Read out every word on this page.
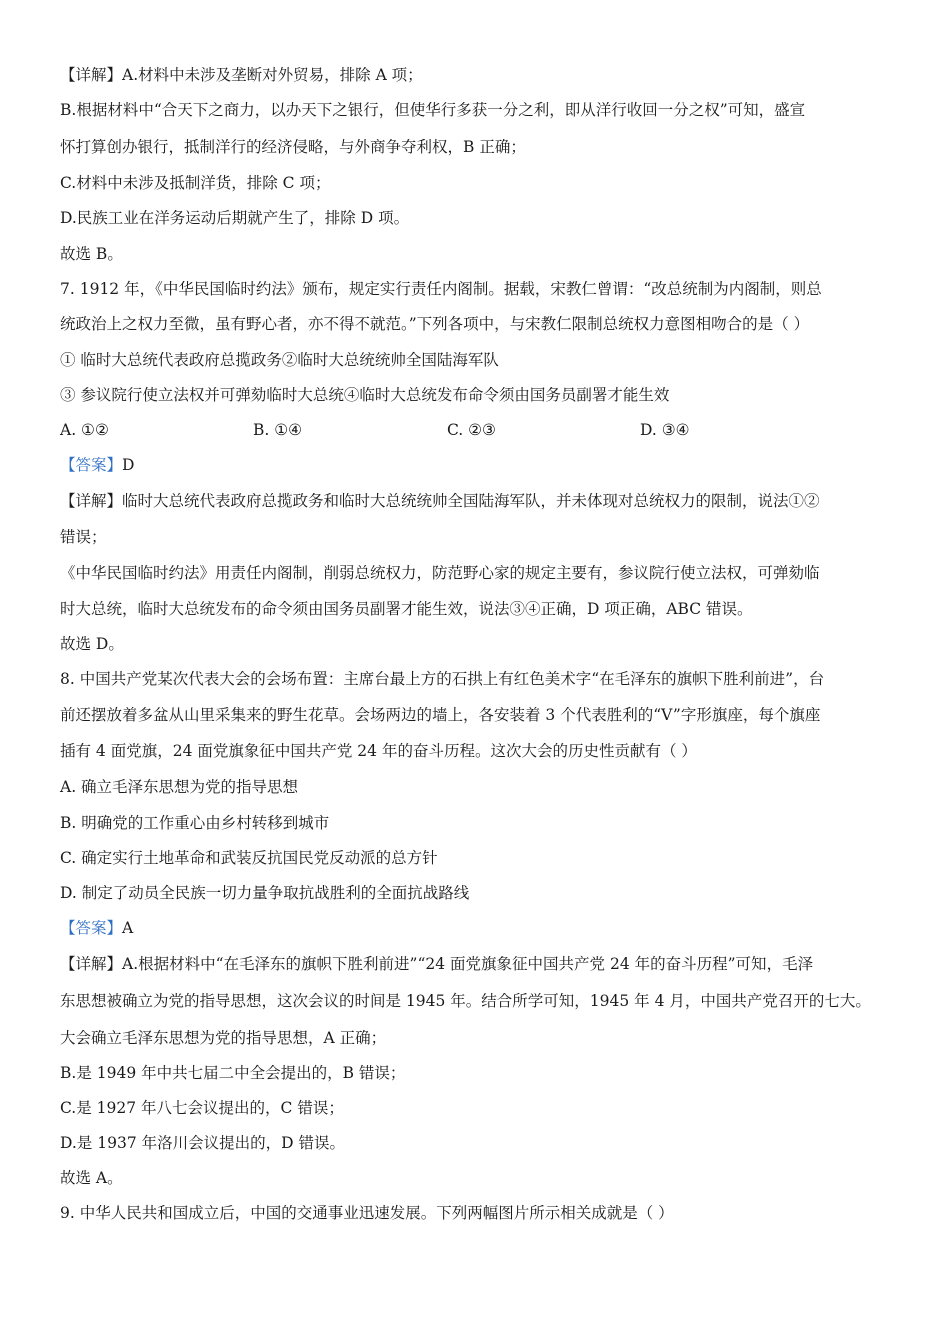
【详解】A.材料中未涉及垄断对外贸易，排除 A 项；
B.根据材料中“合天下之商力，以办天下之银行，但使华行多获一分之利，即从洋行收回一分之权”可知，盛宣
怀打算创办银行，抵制洋行的经济侵略，与外商争夺利权，B 正确；
C.材料中未涉及抵制洋货，排除 C 项；
D.民族工业在洋务运动后期就产生了，排除 D 项。
故选 B。
7. 1912 年，《中华民国临时约法》颁布，规定实行责任内阁制。据载，宋教仁曾谓：“改总统制为内阁制，则总
统政治上之权力至微，虽有野心者，亦不得不就范。”下列各项中，与宋教仁限制总统权力意图相吻合的是（ ）
① 临时大总统代表政府总揽政务②临时大总统统帅全国陆海军队
③ 参议院行使立法权并可弹劾临时大总统④临时大总统发布命令须由国务员副署才能生效
A. ①②	B. ①④	C. ②③	D. ③④
【答案】D
【详解】临时大总统代表政府总揽政务和临时大总统统帅全国陆海军队，并未体现对总统权力的限制，说法①②
错误；
《中华民国临时约法》用责任内阁制，削弱总统权力，防范野心家的规定主要有，参议院行使立法权，可弹劾临
时大总统，临时大总统发布的命令须由国务员副署才能生效，说法③④正确，D 项正确，ABC 错误。
故选 D。
8. 中国共产党某次代表大会的会场布置：主席台最上方的石拱上有红色美术字“在毛泽东的旗帜下胜利前进”，台
前还摆放着多盆从山里采集来的野生花草。会场两边的墙上，各安装着 3 个代表胜利的“V”字形旗座，每个旗座
插有 4 面党旗，24 面党旗象征中国共产党 24 年的奋斗历程。这次大会的历史性贡献有（ ）
A. 确立毛泽东思想为党的指导思想
B. 明确党的工作重心由乡村转移到城市
C. 确定实行土地革命和武装反抗国民党反动派的总方针
D. 制定了动员全民族一切力量争取抗战胜利的全面抗战路线
【答案】A
【详解】A.根据材料中“在毛泽东的旗帜下胜利前进”“24 面党旗象征中国共产党 24 年的奋斗历程”可知，毛泽
东思想被确立为党的指导思想，这次会议的时间是 1945 年。结合所学可知，1945 年 4 月，中国共产党召开的七大。
大会确立毛泽东思想为党的指导思想，A 正确；
B.是 1949 年中共七届二中全会提出的，B 错误；
C.是 1927 年八七会议提出的，C 错误；
D.是 1937 年洛川会议提出的，D 错误。
故选 A。
9. 中华人民共和国成立后，中国的交通事业迅速发展。下列两幅图片所示相关成就是（ ）
